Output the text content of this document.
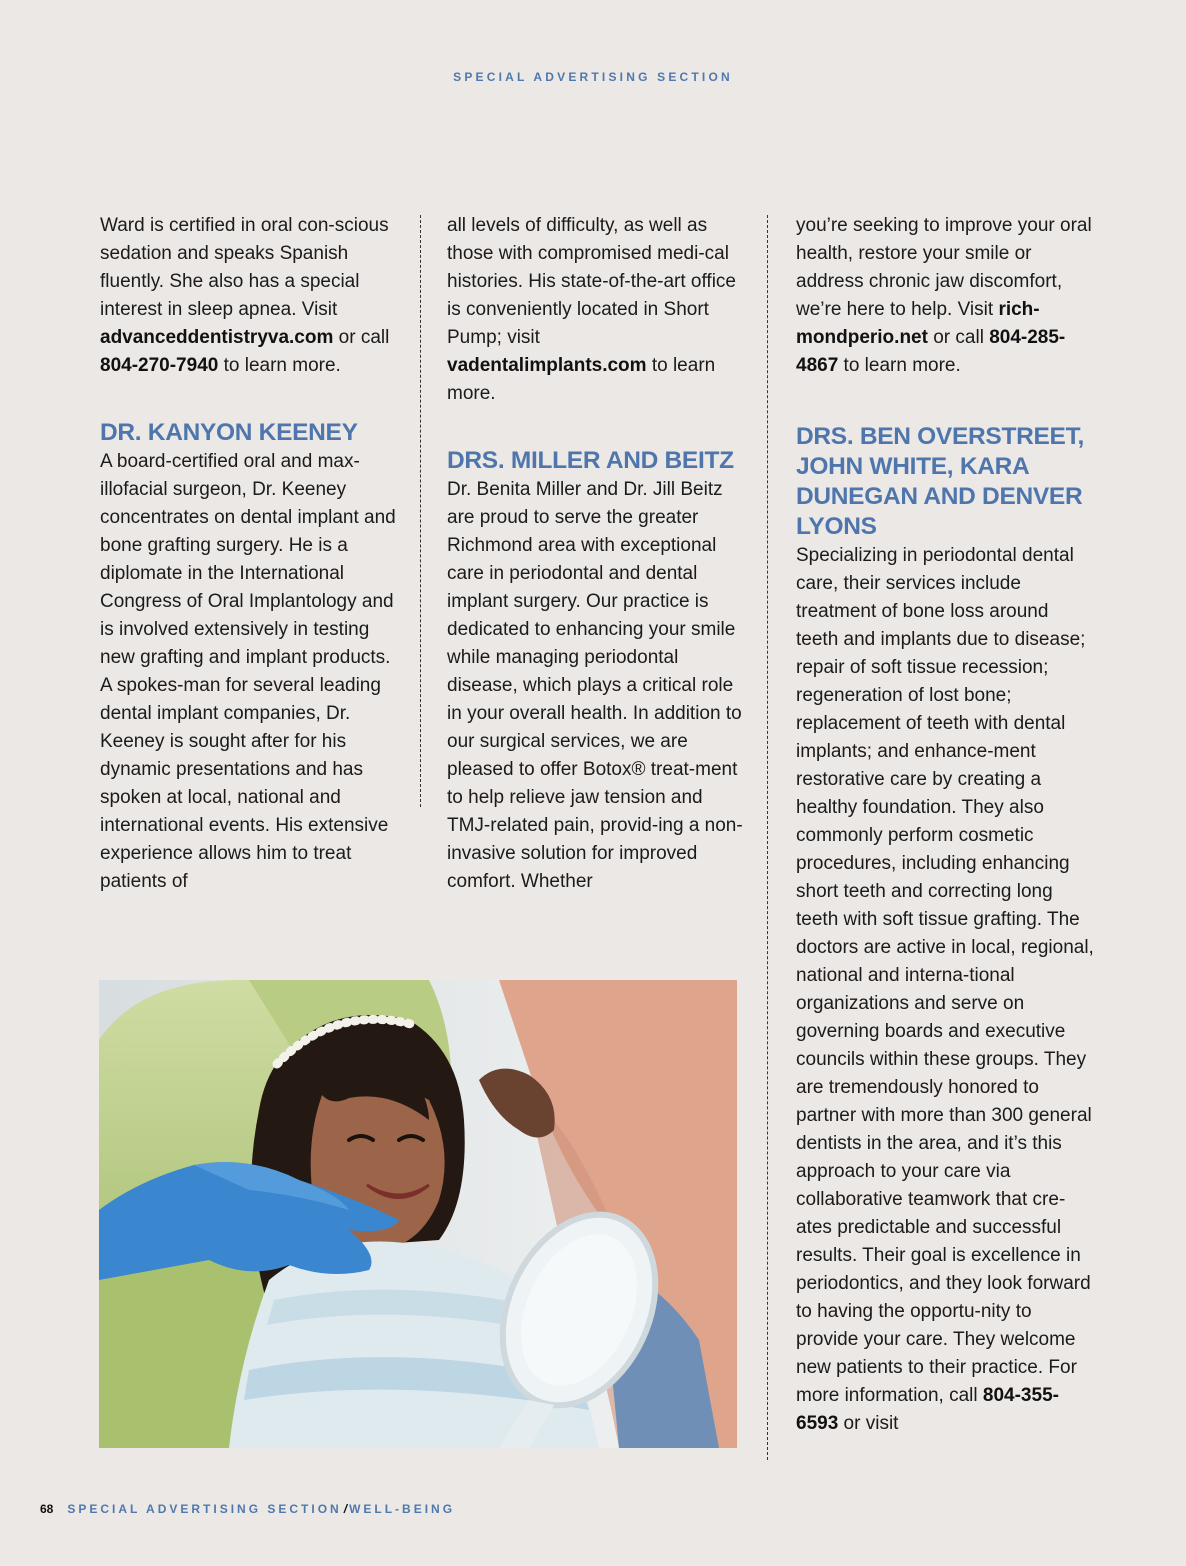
SPECIAL ADVERTISING SECTION

Ward is certified in oral con-scious sedation and speaks Spanish fluently. She also has a special interest in sleep apnea. Visit advanceddentistryva.com or call 804-270-7940 to learn more.

DR. KANYON KEENEY

A board-certified oral and max-illofacial surgeon, Dr. Keeney concentrates on dental implant and bone grafting surgery. He is a diplomate in the International Congress of Oral Implantology and is involved extensively in testing new grafting and implant products. A spokes-man for several leading dental implant companies, Dr. Keeney is sought after for his dynamic presentations and has spoken at local, national and international events. His extensive experience allows him to treat patients of

all levels of difficulty, as well as those with compromised medi-cal histories. His state-of-the-art office is conveniently located in Short Pump; visit vadentalimplants.com to learn more.

DRS. MILLER AND BEITZ

Dr. Benita Miller and Dr. Jill Beitz are proud to serve the greater Richmond area with exceptional care in periodontal and dental implant surgery. Our practice is dedicated to enhancing your smile while managing periodontal disease, which plays a critical role in your overall health. In addition to our surgical services, we are pleased to offer Botox® treat-ment to help relieve jaw tension and TMJ-related pain, provid-ing a non-invasive solution for improved comfort. Whether

you’re seeking to improve your oral health, restore your smile or address chronic jaw discomfort, we’re here to help. Visit rich-mondperio.net or call 804-285-4867 to learn more.

DRS. BEN OVERSTREET, JOHN WHITE, KARA DUNEGAN AND DENVER LYONS

Specializing in periodontal dental care, their services include treatment of bone loss around teeth and implants due to disease; repair of soft tissue recession; regeneration of lost bone; replacement of teeth with dental implants; and enhance-ment restorative care by creating a healthy foundation. They also commonly perform cosmetic procedures, including enhancing short teeth and correcting long teeth with soft tissue grafting. The doctors are active in local, regional, national and interna-tional organizations and serve on governing boards and executive councils within these groups. They are tremendously honored to partner with more than 300 general dentists in the area, and it’s this approach to your care via collaborative teamwork that cre-ates predictable and successful results. Their goal is excellence in periodontics, and they look forward to having the opportu-nity to provide your care. They welcome new patients to their practice. For more information, call 804-355-6593 or visit

68 SPECIAL ADVERTISING SECTION / WELL-BEING
